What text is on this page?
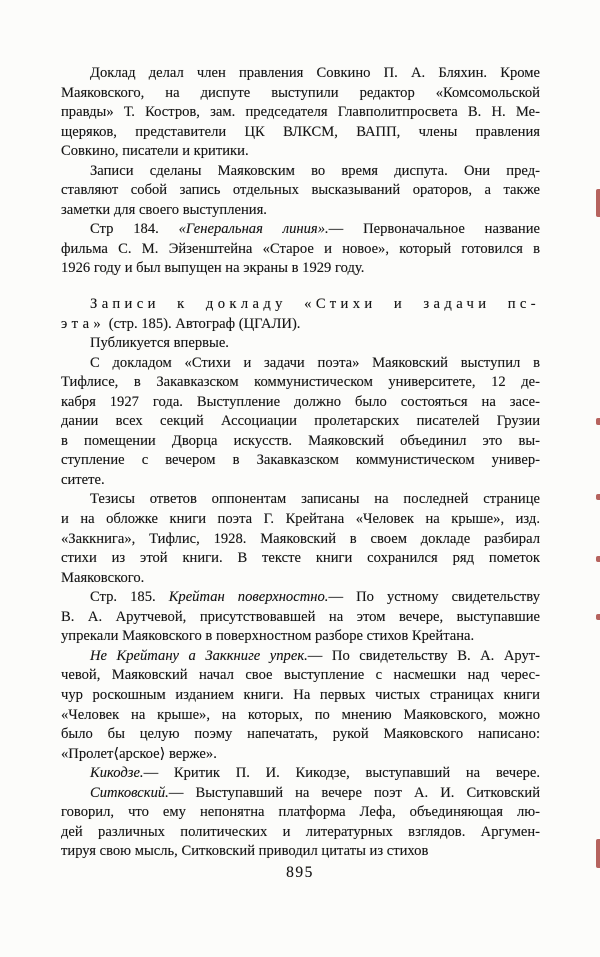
Доклад делал член правления Совкино П. А. Бляхин. Кроме
Маяковского, на диспуте выступили редактор «Комсомольской
правды» Т. Костров, зам. председателя Главполитпросвета В. Н. Ме-
щеряков, представители ЦК ВЛКСМ, ВАПП, члены правления
Совкино, писатели и критики.
Записи сделаны Маяковским во время диспута. Они пред-
ставляют собой запись отдельных высказываний ораторов, а также
заметки для своего выступления.
Стр 184. «Генеральная линия».— Первоначальное название
фильма С. М. Эйзенштейна «Старое и новое», который готовился в
1926 году и был выпущен на экраны в 1929 году.
Записи к докладу «Стихи и задачи пс-
эта» (стр. 185). Автограф (ЦГАЛИ).
Публикуется впервые.
С докладом «Стихи и задачи поэта» Маяковский выступил в
Тифлисе, в Закавказском коммунистическом университете, 12 де-
кабря 1927 года. Выступление должно было состояться на засе-
дании всех секций Ассоциации пролетарских писателей Грузии
в помещении Дворца искусств. Маяковский объединил это вы-
ступление с вечером в Закавказском коммунистическом универ-
ситете.
Тезисы ответов оппонентам записаны на последней странице
и на обложке книги поэта Г. Крейтана «Человек на крыше», изд.
«Заккнига», Тифлис, 1928. Маяковский в своем докладе разбирал
стихи из этой книги. В тексте книги сохранился ряд пометок
Маяковского.
Стр. 185. Крейтан поверхностно.— По устному свидетельству
В. А. Арутчевой, присутствовавшей на этом вечере, выступавшие
упрекали Маяковского в поверхностном разборе стихов Крейтана.
Не Крейтану а Заккниге упрек.— По свидетельству В. А. Арут-
чевой, Маяковский начал свое выступление с насмешки над черес-
чур роскошным изданием книги. На первых чистых страницах книги
«Человек на крыше», на которых, по мнению Маяковского, можно
было бы целую поэму напечатать, рукой Маяковского написано:
«Пролет⟨арское⟩ верже».
Кикодзе.— Критик П. И. Кикодзе, выступавший на вечере.
Ситковский.— Выступавший на вечере поэт А. И. Ситковский
говорил, что ему непонятна платформа Лефа, объединяющая лю-
дей различных политических и литературных взглядов. Аргумен-
тируя свою мысль, Ситковский приводил цитаты из стихов
895
